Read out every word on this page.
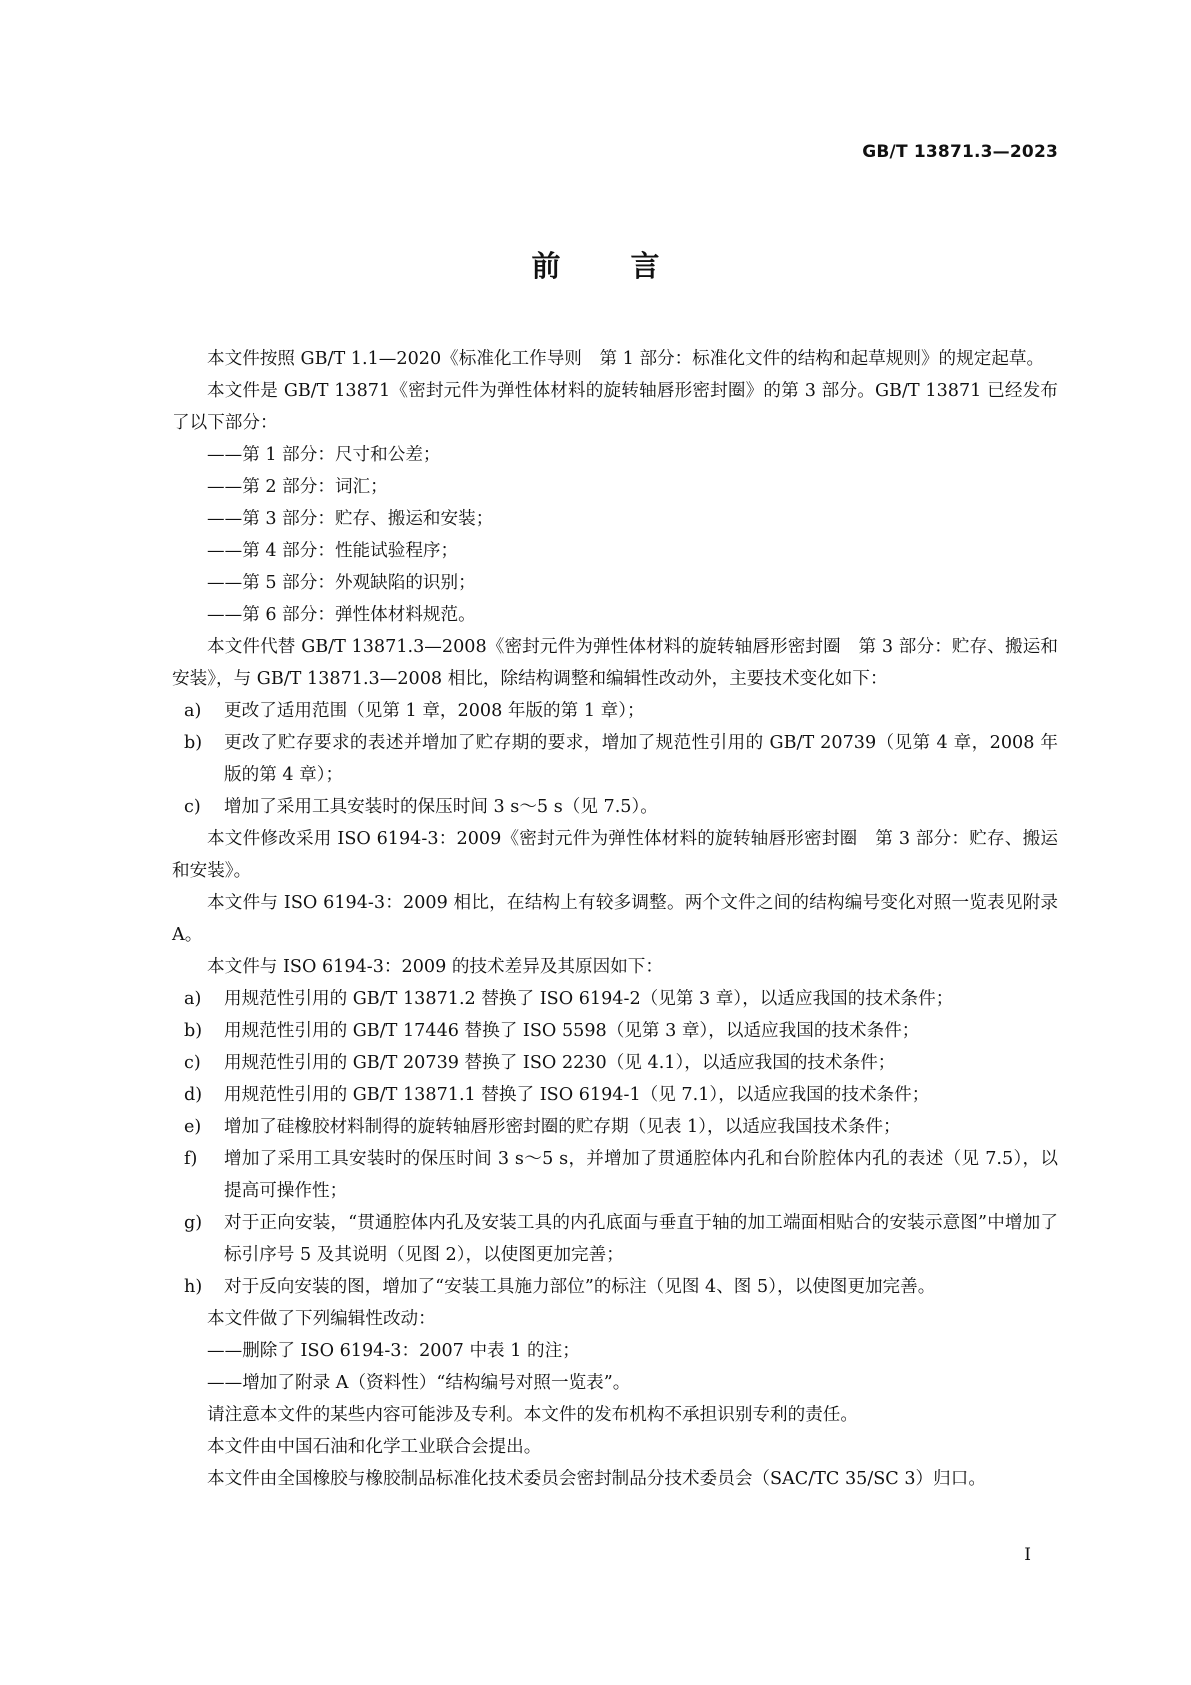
GB/T 13871.3—2023
前言

本文件按照 GB/T 1.1—2020《标准化工作导则　第 1 部分：标准化文件的结构和起草规则》的规定起草。

本文件是 GB/T 13871《密封元件为弹性体材料的旋转轴唇形密封圈》的第 3 部分。GB/T 13871 已经发布了以下部分：

——第 1 部分：尺寸和公差；

——第 2 部分：词汇；

——第 3 部分：贮存、搬运和安装；

——第 4 部分：性能试验程序；

——第 5 部分：外观缺陷的识别；

——第 6 部分：弹性体材料规范。

本文件代替 GB/T 13871.3—2008《密封元件为弹性体材料的旋转轴唇形密封圈　第 3 部分：贮存、搬运和安装》，与 GB/T 13871.3—2008 相比，除结构调整和编辑性改动外，主要技术变化如下：

a)	更改了适用范围（见第 1 章，2008 年版的第 1 章）；
b)	更改了贮存要求的表述并增加了贮存期的要求，增加了规范性引用的 GB/T 20739（见第 4 章，2008 年版的第 4 章）；
c)	增加了采用工具安装时的保压时间 3 s～5 s（见 7.5）。

本文件修改采用 ISO 6194-3：2009《密封元件为弹性体材料的旋转轴唇形密封圈　第 3 部分：贮存、搬运和安装》。

本文件与 ISO 6194-3：2009 相比，在结构上有较多调整。两个文件之间的结构编号变化对照一览表见附录 A。

本文件与 ISO 6194-3：2009 的技术差异及其原因如下：

a)	用规范性引用的 GB/T 13871.2 替换了 ISO 6194-2（见第 3 章），以适应我国的技术条件；
b)	用规范性引用的 GB/T 17446 替换了 ISO 5598（见第 3 章），以适应我国的技术条件；
c)	用规范性引用的 GB/T 20739 替换了 ISO 2230（见 4.1），以适应我国的技术条件；
d)	用规范性引用的 GB/T 13871.1 替换了 ISO 6194-1（见 7.1），以适应我国的技术条件；
e)	增加了硅橡胶材料制得的旋转轴唇形密封圈的贮存期（见表 1），以适应我国技术条件；
f)	增加了采用工具安装时的保压时间 3 s～5 s，并增加了贯通腔体内孔和台阶腔体内孔的表述（见 7.5），以提高可操作性；
g)	对于正向安装，“贯通腔体内孔及安装工具的内孔底面与垂直于轴的加工端面相贴合的安装示意图”中增加了标引序号 5 及其说明（见图 2），以使图更加完善；
h)	对于反向安装的图，增加了“安装工具施力部位”的标注（见图 4、图 5），以使图更加完善。

本文件做了下列编辑性改动：

——删除了 ISO 6194-3：2007 中表 1 的注；

——增加了附录 A（资料性）“结构编号对照一览表”。

请注意本文件的某些内容可能涉及专利。本文件的发布机构不承担识别专利的责任。

本文件由中国石油和化学工业联合会提出。

本文件由全国橡胶与橡胶制品标准化技术委员会密封制品分技术委员会（SAC/TC 35/SC 3）归口。

I
